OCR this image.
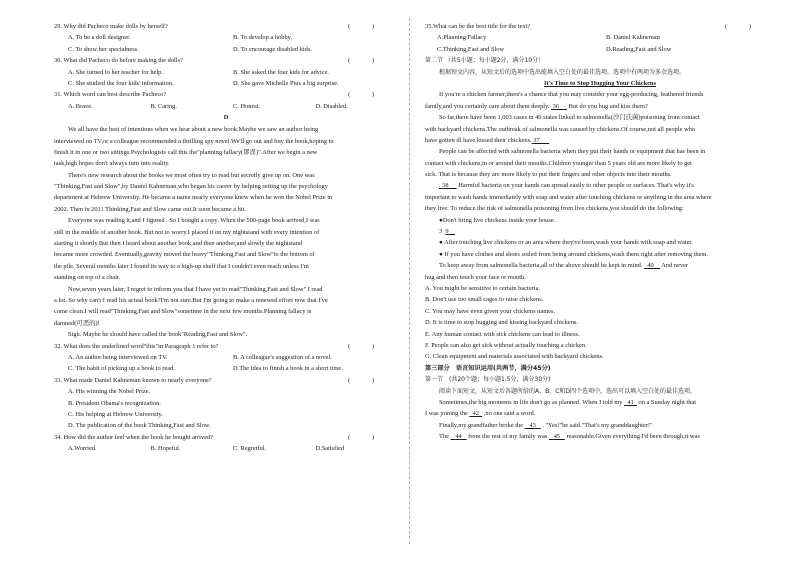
29. Why did Pacheco make dolls by herself?	( )
A. To be a doll designer.	B. To develop a hobby.
C. To show her specialness.	D. To encourage disabled kids.
30. What did Pacheco do before making the dolls?	( )
A. She turned to her teacher for help.	B. She asked the four kids for advice.
C. She studied the four kids' information.	D. She gave Michelle Pius a big surprise.
31. Which word can best describe Pacheco?	( )
A. Brave.	B. Caring.	C. Honest.	D. Disabled.
D
We all have the best of intentions when we hear about a new book.Maybe we saw an author being
interviewed on TV,or a colleague recommended a thrilling spy novel.We'll go out and buy the book,hoping to
finish it in one or two sittings.Psychologists call this the"planning fallacy(谬误)".After we begin a new
task,high hopes don't always turn into reality.
There's new research about the books we most often try to read but secretly give up on. One was
"Thinking,Fast and Slow",by Daniel Kahneman,who began his career by helping setting up the psychology
department at Hebrew University. He became a name nearly everyone knew when he won the Nobel Prize in
2002. Then in 2011 Thinking,Fast and Slow came out.It soon became a hit.
Everyone was reading it,and I figured . So I bought a copy. When the 500-page book arrived,I was
still in the middle of another book. But not to worry.I placed it on my nightstand with every intention of
starting it shortly.But then I heard about another book,and then another,and slowly the nightstand
became more crowded. Eventually,gravity moved the heavy"Thinking,Fast and Slow"to the bottom of
the pile. Several months later I found its way to a high-up shelf that I couldn't even reach unless I'm
standing on top of a chair.
Now,seven years later, I regret to inform you that I have yet to read"Thinking,Fast and Slow" I read
a lot. So why can't I read his actual book?I'm not sure.But I'm going to make a renewed effort now that I've
come clean.I will read"Thinking,Fast and Slow"sometime in the next few months.Planning fallacy is
damned(可恶的)!
Sigh. Maybe he should have called the book"Reading,Fast and Slow".
32. What does the underlined word"this"in Paragraph 1 refer to?	( )
A. An author being interviewed on TV.	B. A colleague's suggestion of a novel.
C. The habit of picking up a book to read.	D.The idea to finish a book in a short time.
33. What made Daniel Kahneman known to nearly everyone?	( )
A. His winning the Nobel Prize.
B. President Obama's recognization.
C. His helping at Hebrew University.
D. The publication of the book Thinking,Fast and Slow.
34. How did the author feel when the book he bought arrived?	( )
A.Worried.	B. Hopeful.	C. Regretful.	D.Satisfied
35.What can be the best title for the text?	( )
A.Planning Fallacy	B. Daniel Kahneman
C.Thinking,Fast and Slow	D.Reading,Fast and Slow
第二节 （共5小题；每小题2分，满分10分）
根据短文内容，从短文后的选项中选出能填入空白处的最佳选项。选项中有两项为多余选项。
It's Time to Stop Hugging Your Chickens
If you're a chicken farmer,there's a chance that you may consider your egg-producing, feathered friends
family,and you certainly care about them deeply.  36      But do you hug and kiss them?
So far,there have been 1,003 cases in 49 states linked to salmonella(沙门氏菌)poisoning from contact
with backyard chickens.The outbreak of salmonella was caused by chickens.Of course,not all people who
have gotten ill have kissed their chickens. 37
People can be affected with salmonella bacteria when they put their hands or equipment that has been in
contact with chickens,in or around their mouths.Children younger than 5 years old are more likely to get
sick. That is because they are more likely to put their fingers and other objects into their mouths.
38      Harmful bacteria on your hands can spread easily to other people or surfaces. That's why it's
important to wash hands immediately with soap and water after touching chickens or anything in the area where
they live. To reduce the risk of salmonella poisoning from live chickens,you should do the following:
●Don't bring live chickens inside your house.
3 9
● After touching live chickens or an area where they've been,wash your hands with soap and water.
● If you have clothes and shoes soiled from being around chickens,wash them right after removing them.
To keep away from salmonella bacteria,all of the above should be kept in mind. 40     And never
hug and then touch your face or mouth.
A. You might be sensitive to certain bacteria.
B. Don't use too small cages to raise chickens.
C. You may have even given your chickens names.
D. It is time to stop hugging and kissing backyard chickens.
E. Any human contact with sick chickens can lead to illness.
F. People can also get sick without actually touching a chicken.
G. Clean equipment and materials associated with backyard chickens.
第三部分　语言知识运用(共两节，满分45分)
第一节　(共20个题；每小题1.5分，满分30分)
阅读下面短文，从短文后各题所给的A、B、C和D四个选项中，选出可以填入空白处的最佳选项。
Sometimes,the big moments in life don't go as planned. When I told my   41   on a Sunday night that
I was joining the   42   ,no one said a word.
Finally,my grandfather broke the    43    . "Yes!"he said."That's my granddaughter!"
The    44    from the rest of my family was    45    reasonable.Given everything I'd been through,it was
